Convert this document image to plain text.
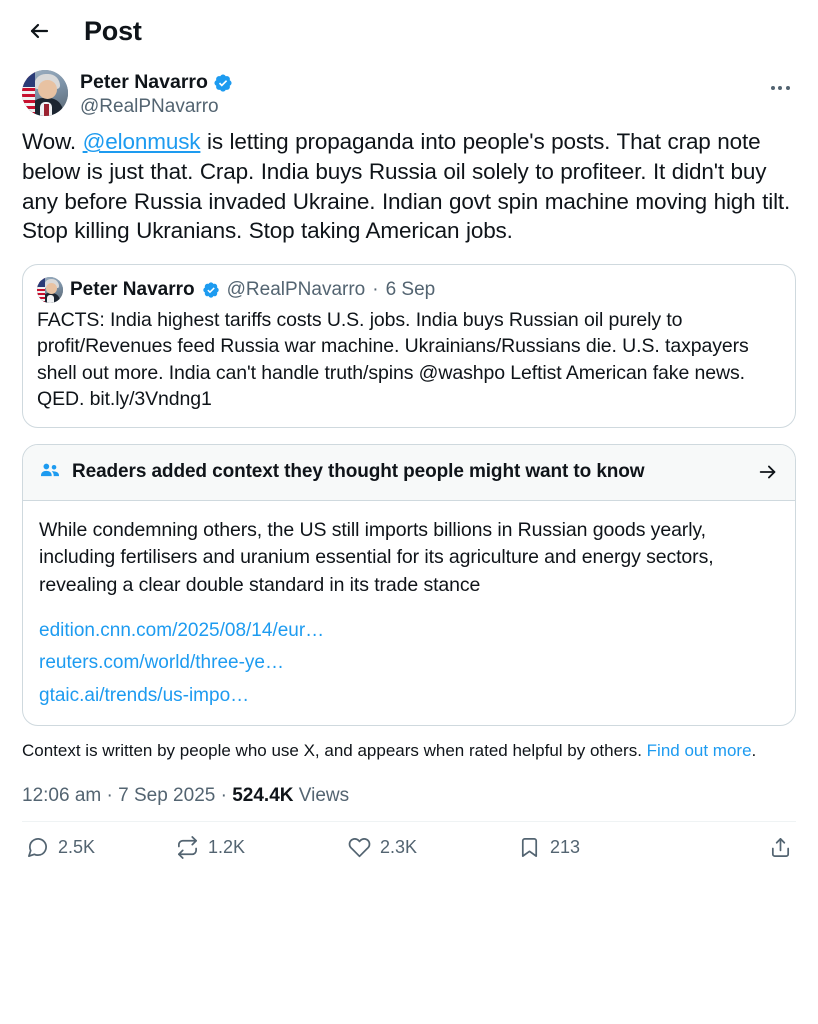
Post
Peter Navarro
@RealPNavarro
Wow. @elonmusk is letting propaganda into people's posts. That crap note below is just that. Crap. India buys Russia oil solely to profiteer. It didn't buy any before Russia invaded Ukraine. Indian govt spin machine moving high tilt. Stop killing Ukranians. Stop taking American jobs.
Peter Navarro @RealPNavarro · 6 Sep
FACTS: India highest tariffs costs U.S. jobs. India buys Russian oil purely to profit/Revenues feed Russia war machine. Ukrainians/Russians die. U.S. taxpayers shell out more. India can't handle truth/spins @washpo Leftist American fake news. QED. bit.ly/3Vndng1
Readers added context they thought people might want to know
While condemning others, the US still imports billions in Russian goods yearly, including fertilisers and uranium essential for its agriculture and energy sectors, revealing a clear double standard in its trade stance
edition.cnn.com/2025/08/14/eur…
reuters.com/world/three-ye…
gtaic.ai/trends/us-impo…
Context is written by people who use X, and appears when rated helpful by others. Find out more.
12:06 am · 7 Sep 2025 · 524.4K Views
2.5K	1.2K	2.3K	213
